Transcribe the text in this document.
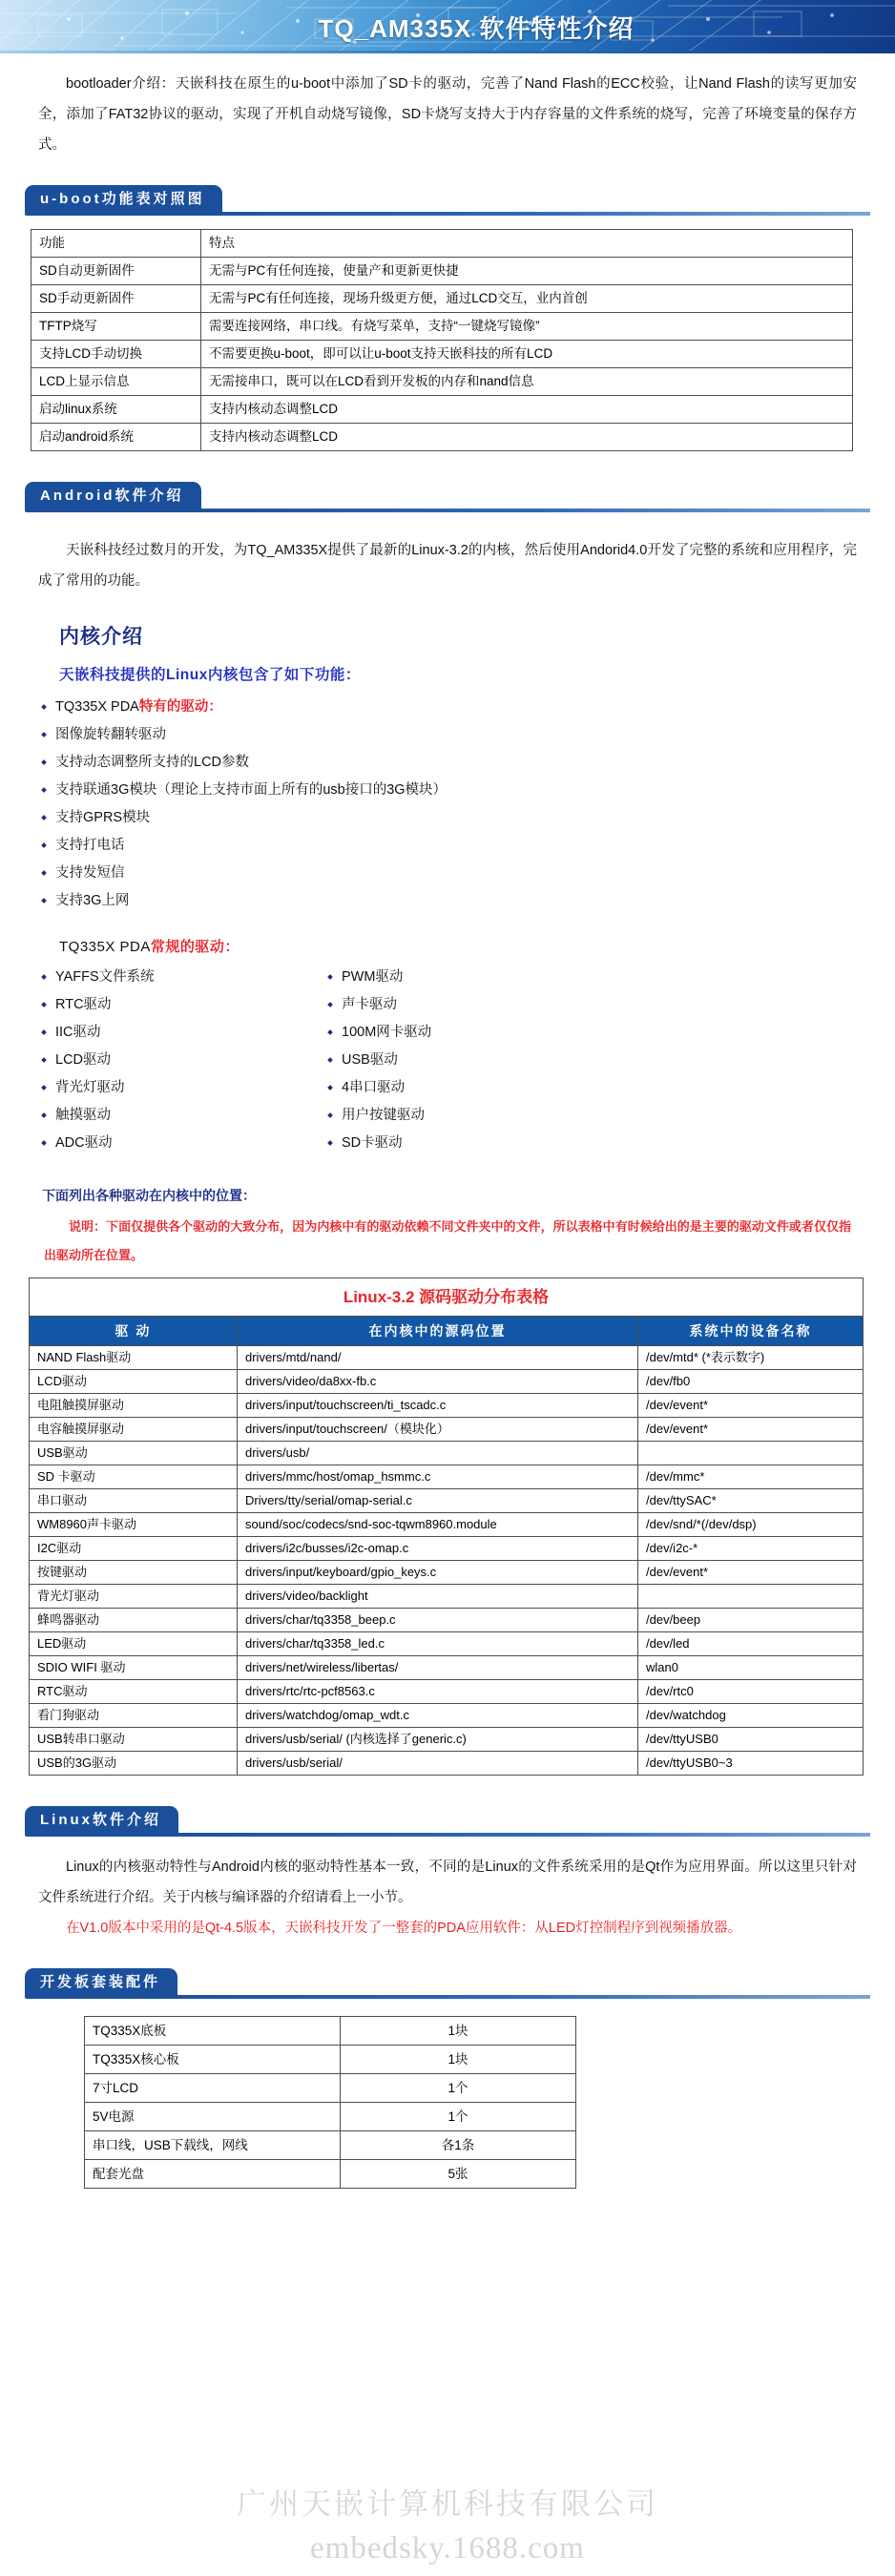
广州天嵌计算机科技有限公司
embedsky.1688.com
TQ_AM335X 软件特性介绍

bootloader介绍：天嵌科技在原生的u-boot中添加了SD卡的驱动，完善了Nand Flash的ECC校验，让Nand Flash的读写更加安全，添加了FAT32协议的驱动，实现了开机自动烧写镜像，SD卡烧写支持大于内存容量的文件系统的烧写，完善了环境变量的保存方式。

u-boot功能表对照图
功能	特点
SD自动更新固件	无需与PC有任何连接，使量产和更新更快捷
SD手动更新固件	无需与PC有任何连接，现场升级更方便，通过LCD交互，业内首创
TFTP烧写	需要连接网络，串口线。有烧写菜单，支持“一键烧写镜像”
支持LCD手动切换	不需要更换u-boot，即可以让u-boot支持天嵌科技的所有LCD
LCD上显示信息	无需接串口，既可以在LCD看到开发板的内存和nand信息
启动linux系统	支持内核动态调整LCD
启动android系统	支持内核动态调整LCD
Android软件介绍

天嵌科技经过数月的开发，为TQ_AM335X提供了最新的Linux-3.2的内核，然后使用Andorid4.0开发了完整的系统和应用程序，完成了常用的功能。

内核介绍
天嵌科技提供的Linux内核包含了如下功能：
TQ335X PDA特有的驱动：
图像旋转翻转驱动
支持动态调整所支持的LCD参数
支持联通3G模块（理论上支持市面上所有的usb接口的3G模块）
支持GPRS模块
支持打电话
支持发短信
支持3G上网
TQ335X PDA常规的驱动：
YAFFS文件系统
RTC驱动
IIC驱动
LCD驱动
背光灯驱动
触摸驱动
ADC驱动
PWM驱动
声卡驱动
100M网卡驱动
USB驱动
4串口驱动
用户按键驱动
SD卡驱动
下面列出各种驱动在内核中的位置：

说明：下面仅提供各个驱动的大致分布，因为内核中有的驱动依赖不同文件夹中的文件，所以表格中有时候给出的是主要的驱动文件或者仅仅指出驱动所在位置。

Linux-3.2 源码驱动分布表格		
驱 动	在内核中的源码位置	系统中的设备名称
NAND Flash驱动	drivers/mtd/nand/	/dev/mtd* (*表示数字)
LCD驱动	drivers/video/da8xx-fb.c	/dev/fb0
电阻触摸屏驱动	drivers/input/touchscreen/ti_tscadc.c	/dev/event*
电容触摸屏驱动	drivers/input/touchscreen/（模块化）	/dev/event*
USB驱动	drivers/usb/	
SD 卡驱动	drivers/mmc/host/omap_hsmmc.c	/dev/mmc*
串口驱动	Drivers/tty/serial/omap-serial.c	/dev/ttySAC*
WM8960声卡驱动	sound/soc/codecs/snd-soc-tqwm8960.module	/dev/snd/*(/dev/dsp)
I2C驱动	drivers/i2c/busses/i2c-omap.c	/dev/i2c-*
按键驱动	drivers/input/keyboard/gpio_keys.c	/dev/event*
背光灯驱动	drivers/video/backlight	
蜂鸣器驱动	drivers/char/tq3358_beep.c	/dev/beep
LED驱动	drivers/char/tq3358_led.c	/dev/led
SDIO WIFI 驱动	drivers/net/wireless/libertas/	wlan0
RTC驱动	drivers/rtc/rtc-pcf8563.c	/dev/rtc0
看门狗驱动	drivers/watchdog/omap_wdt.c	/dev/watchdog
USB转串口驱动	drivers/usb/serial/ (内核选择了generic.c)	/dev/ttyUSB0
USB的3G驱动	drivers/usb/serial/	/dev/ttyUSB0~3
Linux软件介绍

Linux的内核驱动特性与Android内核的驱动特性基本一致，不同的是Linux的文件系统采用的是Qt作为应用界面。所以这里只针对文件系统进行介绍。关于内核与编译器的介绍请看上一小节。

在V1.0版本中采用的是Qt-4.5版本，天嵌科技开发了一整套的PDA应用软件：从LED灯控制程序到视频播放器。

开发板套装配件
TQ335X底板	1块
TQ335X核心板	1块
7寸LCD	1个
5V电源	1个
串口线，USB下载线，网线	各1条
配套光盘	5张
